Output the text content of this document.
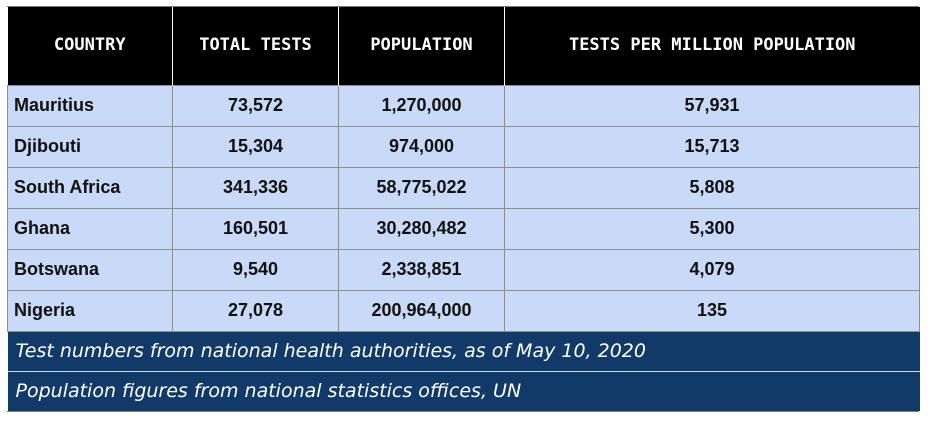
COUNTRY	TOTAL TESTS	POPULATION	TESTS PER MILLION POPULATION
Mauritius	73,572	1,270,000	57,931
Djibouti	15,304	974,000	15,713
South Africa	341,336	58,775,022	5,808
Ghana	160,501	30,280,482	5,300
Botswana	9,540	2,338,851	4,079
Nigeria	27,078	200,964,000	135
Test numbers from national health authorities, as of May 10, 2020			
Population figures from national statistics offices, UN			
